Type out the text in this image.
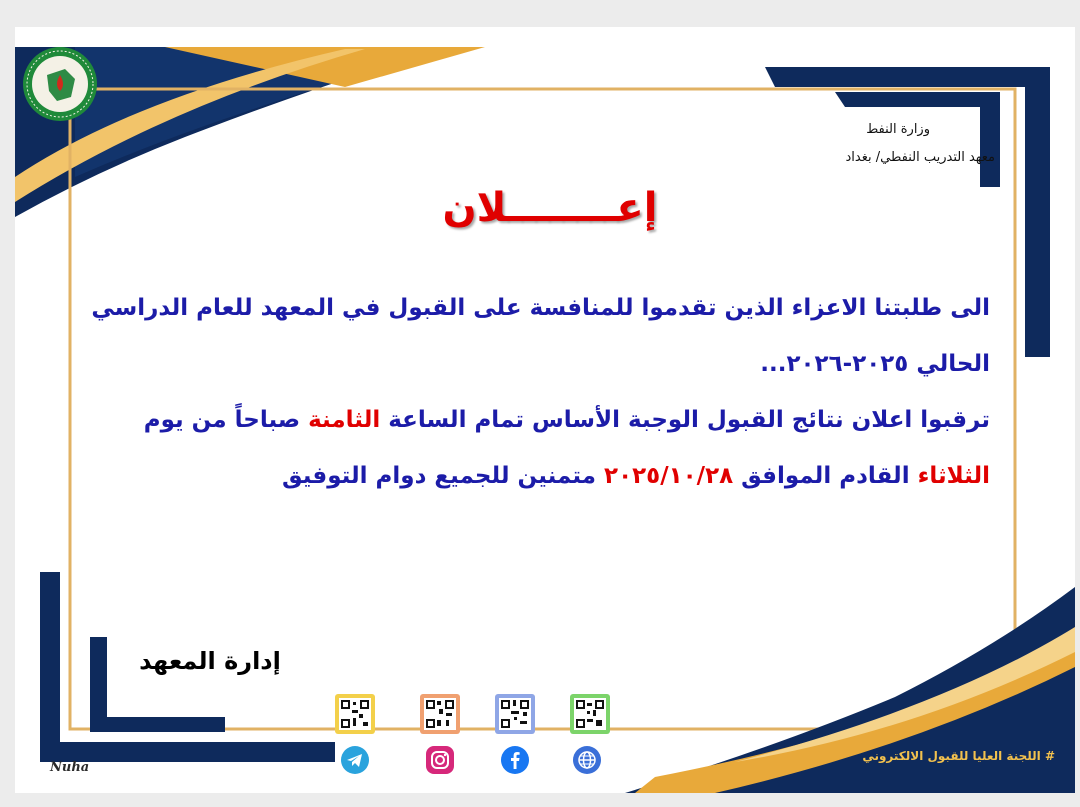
وزارة النفط
معهد التدريب النفطي/ بغداد
إعــــــــلان
الى طلبتنا الاعزاء الذين تقدموا للمنافسة على القبول في المعهد للعام الدراسي
الحالي ٢٠٢٥-٢٠٢٦...
ترقبوا اعلان نتائج القبول الوجبة الأساس تمام الساعة الثامنة صباحاً من يوم
الثلاثاء القادم الموافق ٢٠٢٥/١٠/٢٨ متمنين للجميع دوام التوفيق
إدارة المعهد
# اللجنة العليا للقبول الالكتروني
Nuha
